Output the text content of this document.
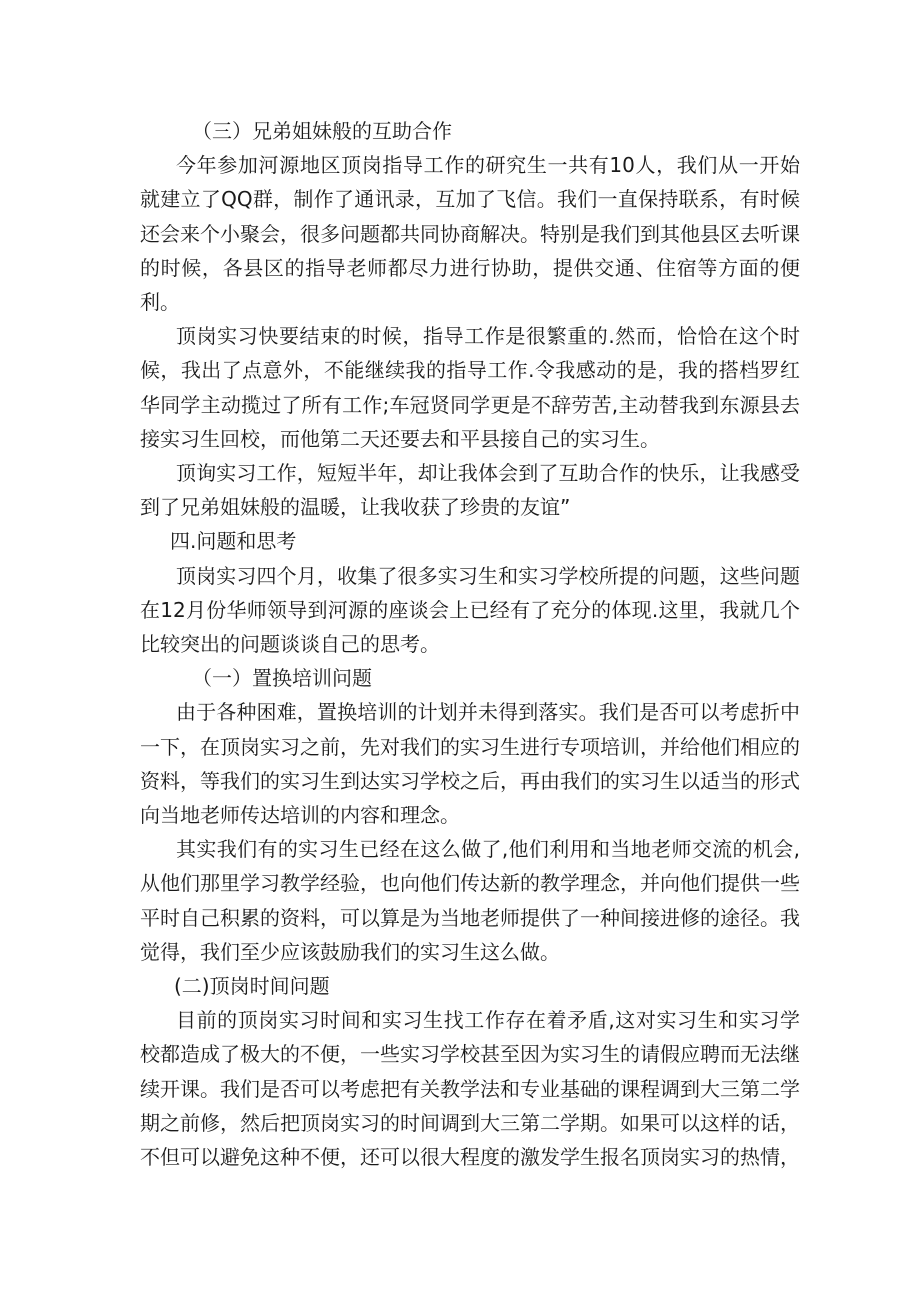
（三）兄弟姐妹般的互助合作
今年参加河源地区顶岗指导工作的研究生一共有10人，我们从一开始就建立了QQ群，制作了通讯录，互加了飞信。我们一直保持联系，有时候还会来个小聚会，很多问题都共同协商解决。特别是我们到其他县区去听课的时候，各县区的指导老师都尽力进行协助，提供交通、住宿等方面的便利。
顶岗实习快要结束的时候，指导工作是很繁重的.然而，恰恰在这个时候，我出了点意外，不能继续我的指导工作.令我感动的是，我的搭档罗红华同学主动揽过了所有工作;车冠贤同学更是不辞劳苦,主动替我到东源县去接实习生回校，而他第二天还要去和平县接自己的实习生。
顶询实习工作，短短半年，却让我体会到了互助合作的快乐，让我感受到了兄弟姐妹般的温暖，让我收获了珍贵的友谊”
四.问题和思考
顶岗实习四个月，收集了很多实习生和实习学校所提的问题，这些问题在12月份华师领导到河源的座谈会上已经有了充分的体现.这里，我就几个比较突出的问题谈谈自己的思考。
（一）置换培训问题
由于各种困难，置换培训的计划并未得到落实。我们是否可以考虑折中一下，在顶岗实习之前，先对我们的实习生进行专项培训，并给他们相应的资料，等我们的实习生到达实习学校之后，再由我们的实习生以适当的形式向当地老师传达培训的内容和理念。
其实我们有的实习生已经在这么做了,他们利用和当地老师交流的机会,从他们那里学习教学经验，也向他们传达新的教学理念，并向他们提供一些平时自己积累的资料，可以算是为当地老师提供了一种间接进修的途径。我觉得，我们至少应该鼓励我们的实习生这么做。
(二)顶岗时间问题
目前的顶岗实习时间和实习生找工作存在着矛盾,这对实习生和实习学校都造成了极大的不便，一些实习学校甚至因为实习生的请假应聘而无法继续开课。我们是否可以考虑把有关教学法和专业基础的课程调到大三第二学期之前修，然后把顶岗实习的时间调到大三第二学期。如果可以这样的话，不但可以避免这种不便，还可以很大程度的激发学生报名顶岗实习的热情，
